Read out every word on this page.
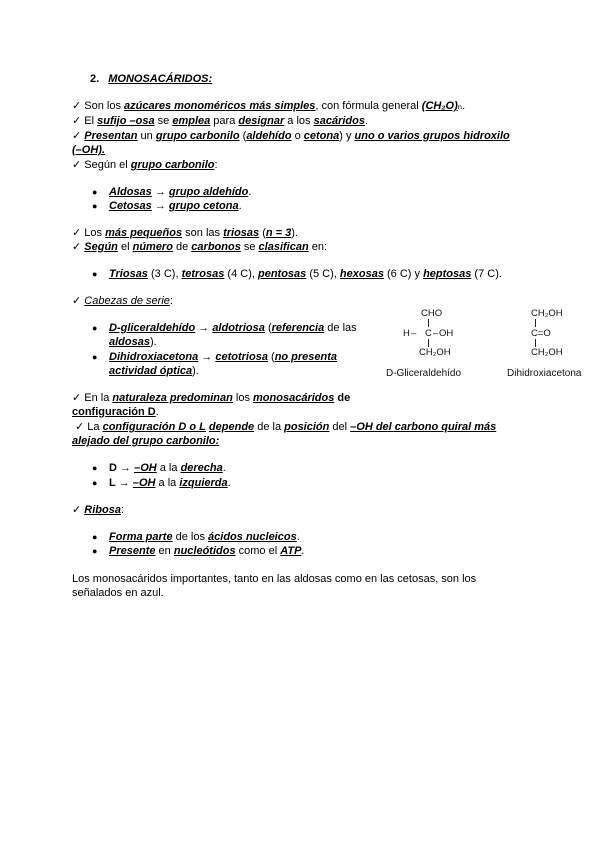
2. MONOSACÁRIDOS:
✓ Son los azúcares monoméricos más simples, con fórmula general (CH₂O)ₙ.
✓ El sufijo –osa se emplea para designar a los sacáridos.
✓ Presentan un grupo carbonilo (aldehído o cetona) y uno o varios grupos hidroxilo
(–OH).
✓ Según el grupo carbonilo:
● Aldosas → grupo aldehído.
● Cetosas → grupo cetona.
✓ Los más pequeños son las triosas (n = 3).
✓ Según el número de carbonos se clasifican en:
● Triosas (3 C), tetrosas (4 C), pentosas (5 C), hexosas (6 C) y heptosas (7 C).
✓ Cabezas de serie:
● D-gliceraldehído → aldotriosa (referencia de las
aldosas).
● Dihidroxiacetona → cetotriosa (no presenta
actividad óptica).
CHO
H – C – OH
CH₂OH
D-Gliceraldehído
CH₂OH
C=O
CH₂OH
Dihidroxiacetona
✓ En la naturaleza predominan los monosacáridos de
configuración D.
✓ La configuración D o L depende de la posición del –OH del carbono quiral más
alejado del grupo carbonilo:
● D → –OH a la derecha.
● L → –OH a la izquierda.
✓ Ribosa:
● Forma parte de los ácidos nucleicos.
● Presente en nucleótidos como el ATP.
Los monosacáridos importantes, tanto en las aldosas como en las cetosas, son los
señalados en azul.
